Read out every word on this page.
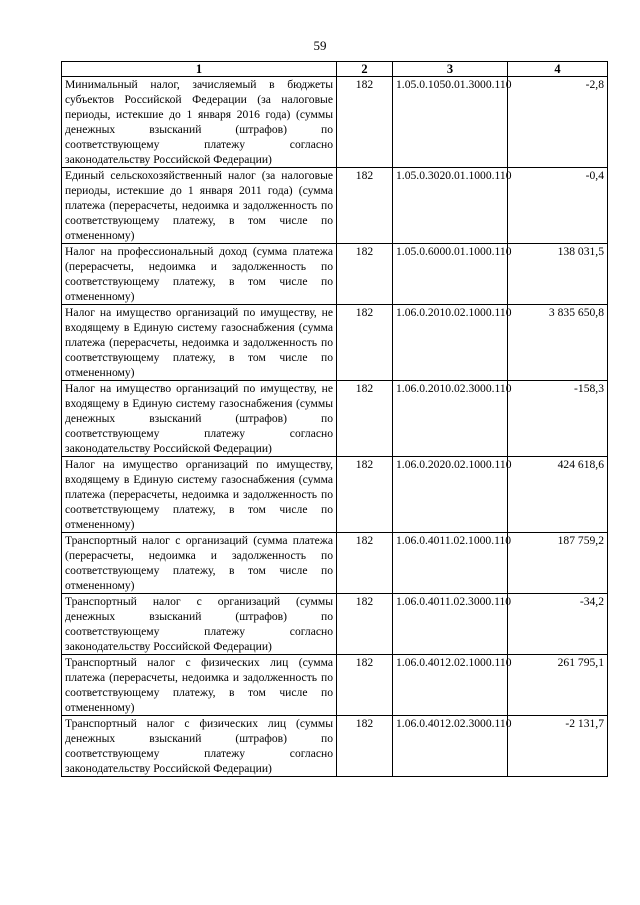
59
1	2	3	4
Минимальный налог, зачисляемый в бюджеты субъектов Российской Федерации (за налоговые периоды, истекшие до 1 января 2016 года) (суммы денежных взысканий (штрафов) по соответствующему платежу согласно законодательству Российской Федерации)	182	1.05.0.1050.01.3000.110	-2,8
Единый сельскохозяйственный налог (за налоговые периоды, истекшие до 1 января 2011 года) (сумма платежа (перерасчеты, недоимка и задолженность по соответствующему платежу, в том числе по отмененному)	182	1.05.0.3020.01.1000.110	-0,4
Налог на профессиональный доход (сумма платежа (перерасчеты, недоимка и задолженность по соответствующему платежу, в том числе по отмененному)	182	1.05.0.6000.01.1000.110	138 031,5
Налог на имущество организаций по имуществу, не входящему в Единую систему газоснабжения (сумма платежа (перерасчеты, недоимка и задолженность по соответствующему платежу, в том числе по отмененному)	182	1.06.0.2010.02.1000.110	3 835 650,8
Налог на имущество организаций по имуществу, не входящему в Единую систему газоснабжения (суммы денежных взысканий (штрафов) по соответствующему платежу согласно законодательству Российской Федерации)	182	1.06.0.2010.02.3000.110	-158,3
Налог на имущество организаций по имуществу, входящему в Единую систему газоснабжения (сумма платежа (перерасчеты, недоимка и задолженность по соответствующему платежу, в том числе по отмененному)	182	1.06.0.2020.02.1000.110	424 618,6
Транспортный налог с организаций (сумма платежа (перерасчеты, недоимка и задолженность по соответствующему платежу, в том числе по отмененному)	182	1.06.0.4011.02.1000.110	187 759,2
Транспортный налог с организаций (суммы денежных взысканий (штрафов) по соответствующему платежу согласно законодательству Российской Федерации)	182	1.06.0.4011.02.3000.110	-34,2
Транспортный налог с физических лиц (сумма платежа (перерасчеты, недоимка и задолженность по соответствующему платежу, в том числе по отмененному)	182	1.06.0.4012.02.1000.110	261 795,1
Транспортный налог с физических лиц (суммы денежных взысканий (штрафов) по соответствующему платежу согласно законодательству Российской Федерации)	182	1.06.0.4012.02.3000.110	-2 131,7
